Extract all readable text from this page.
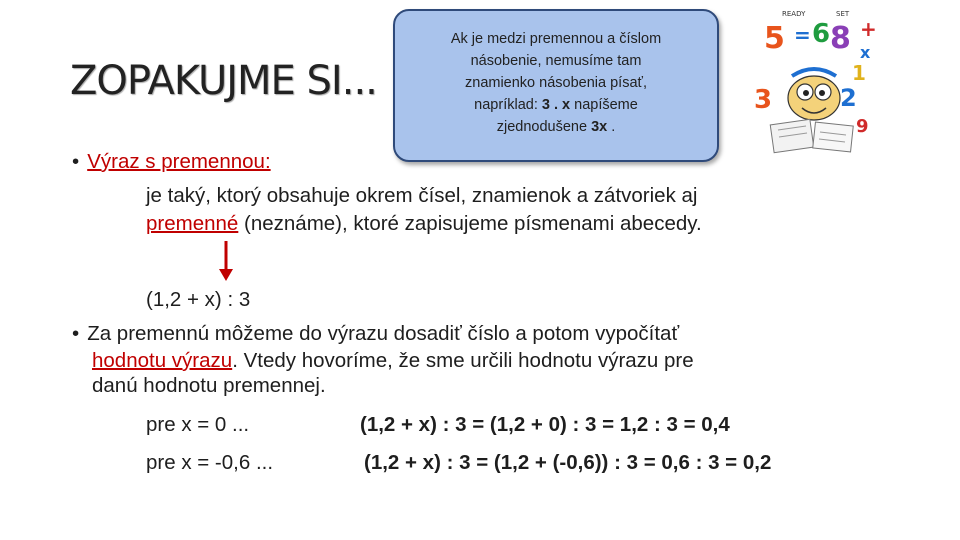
ZOPAKUJME SI...
Ak je medzi premennou a číslom
násobenie, nemusíme tam
znamienko násobenia písať,
napríklad: 3 . x napíšeme
zjednodušene 3x .
READY	SET
5 6 8
3	2
1
9
+
x
=
• Výraz s premennou:
je taký, ktorý obsahuje okrem čísel, znamienok a zátvoriek aj
premenné (neznáme), ktoré zapisujeme písmenami abecedy.
(1,2 + x) : 3
• Za premennú môžeme do výrazu dosadiť číslo a potom vypočítať
hodnotu výrazu. Vtedy hovoríme, že sme určili hodnotu výrazu pre
danú hodnotu premennej.
pre x = 0 ...	(1,2 + x) : 3 = (1,2 + 0) : 3 = 1,2 : 3 = 0,4
pre x = -0,6 ...	(1,2 + x) : 3 = (1,2 + (-0,6)) : 3 = 0,6 : 3 = 0,2
